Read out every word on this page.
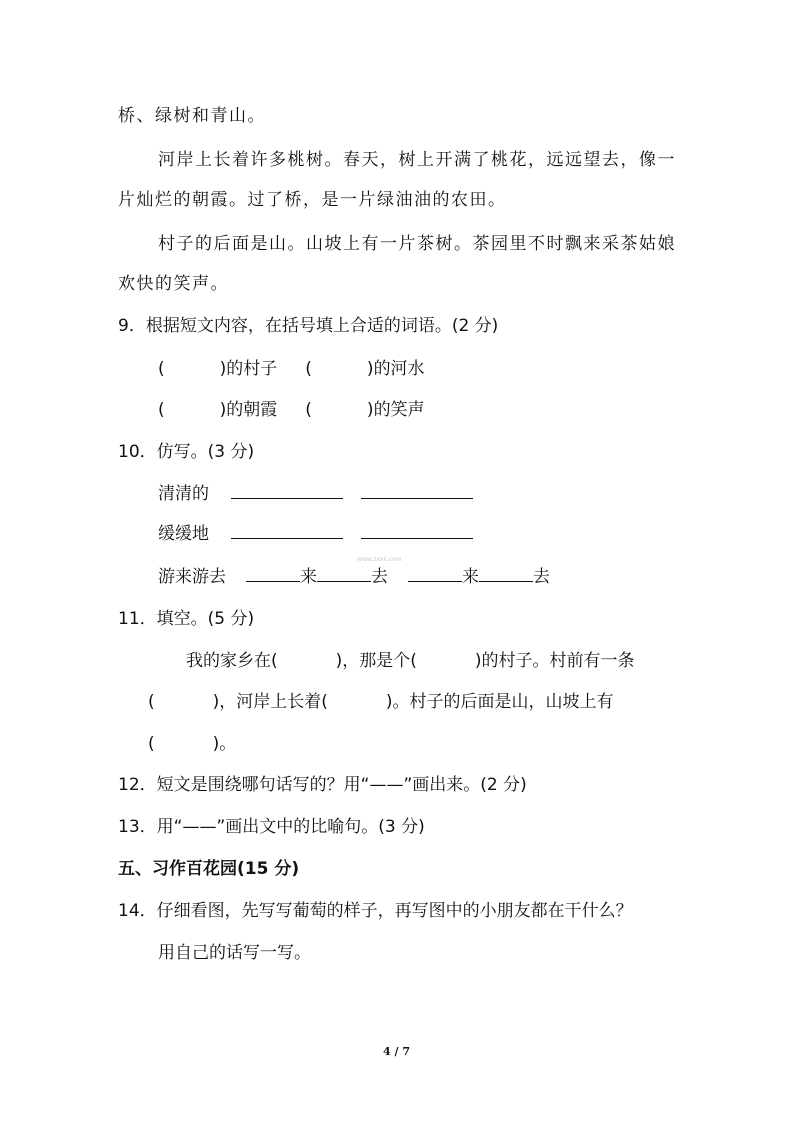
桥、绿树和青山。
河岸上长着许多桃树。春天，树上开满了桃花，远远望去，像一
片灿烂的朝霞。过了桥，是一片绿油油的农田。
村子的后面是山。山坡上有一片茶树。茶园里不时飘来采茶姑娘
欢快的笑声。
9．根据短文内容，在括号填上合适的词语。(2 分)
(	)的村子 (	)的河水
(	)的朝霞 (	)的笑声
10．仿写。(3 分)
清清的
缓缓地
游来游去	来	去	来	去
www.zxxk.com
11．填空。(5 分)
我的家乡在(	)，那是个(	)的村子。村前有一条
(	)，河岸上长着(	)。村子的后面是山，山坡上有
(	)。
12．短文是围绕哪句话写的？用“——”画出来。(2 分)
13．用“——”画出文中的比喻句。(3 分)
五、习作百花园(15 分)
14．仔细看图，先写写葡萄的样子，再写图中的小朋友都在干什么？
用自己的话写一写。
4 / 7
